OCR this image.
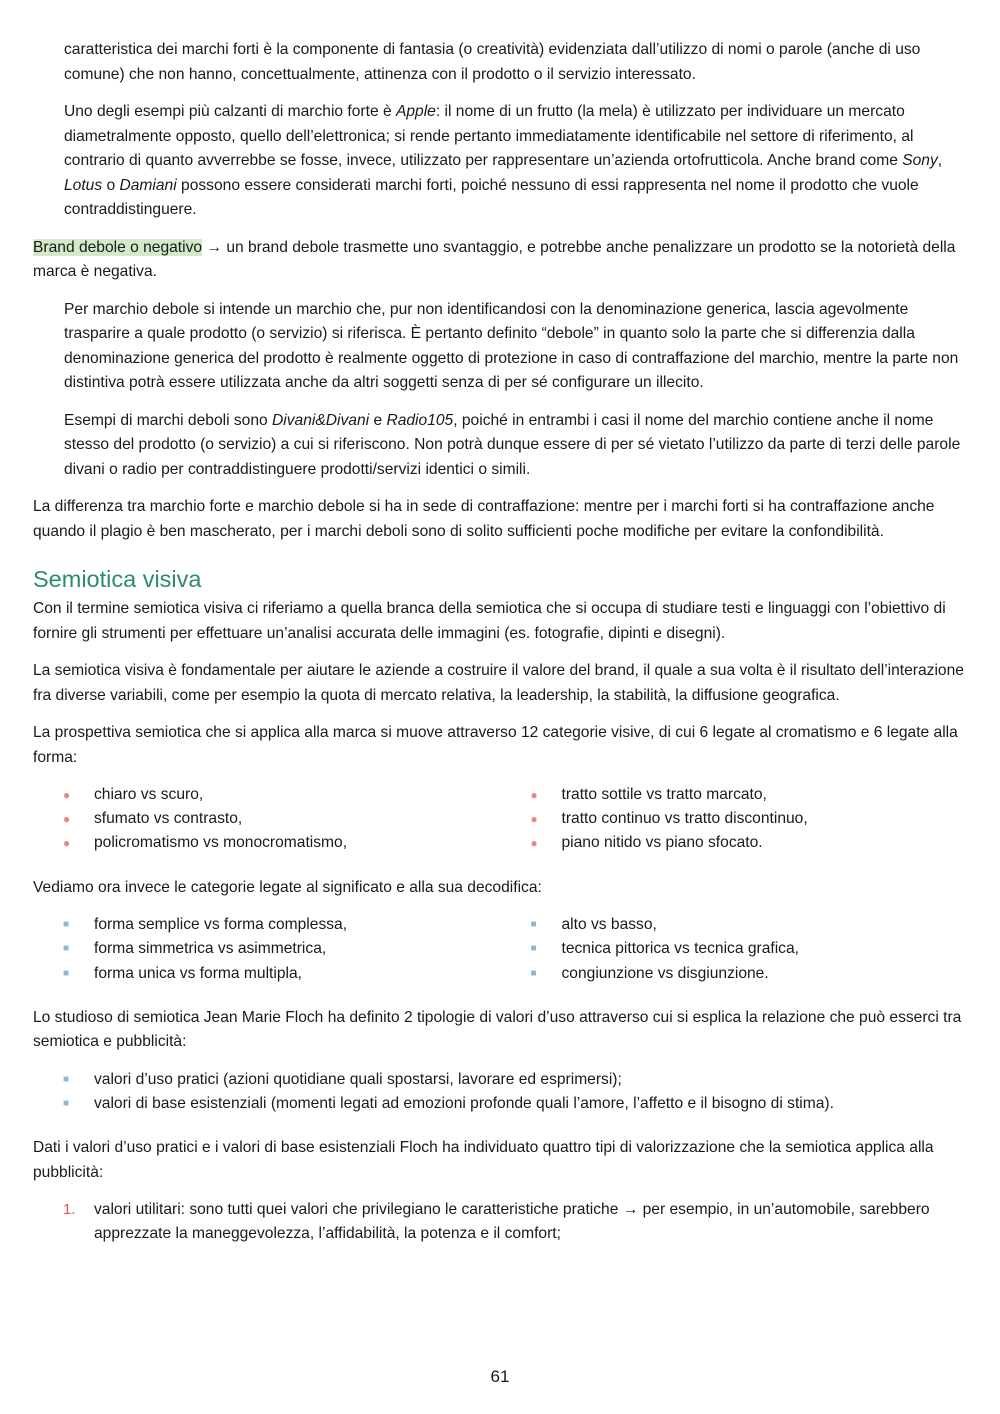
caratteristica dei marchi forti è la componente di fantasia (o creatività) evidenziata dall’utilizzo di nomi o parole (anche di uso comune) che non hanno, concettualmente, attinenza con il prodotto o il servizio interessato.

Uno degli esempi più calzanti di marchio forte è Apple: il nome di un frutto (la mela) è utilizzato per individuare un mercato diametralmente opposto, quello dell’elettronica; si rende pertanto immediatamente identificabile nel settore di riferimento, al contrario di quanto avverrebbe se fosse, invece, utilizzato per rappresentare un’azienda ortofrutticola. Anche brand come Sony, Lotus o Damiani possono essere considerati marchi forti, poiché nessuno di essi rappresenta nel nome il prodotto che vuole contraddistinguere.

Brand debole o negativo → un brand debole trasmette uno svantaggio, e potrebbe anche penalizzare un prodotto se la notorietà della marca è negativa.

Per marchio debole si intende un marchio che, pur non identificandosi con la denominazione generica, lascia agevolmente trasparire a quale prodotto (o servizio) si riferisca. È pertanto definito “debole” in quanto solo la parte che si differenzia dalla denominazione generica del prodotto è realmente oggetto di protezione in caso di contraffazione del marchio, mentre la parte non distintiva potrà essere utilizzata anche da altri soggetti senza di per sé configurare un illecito.

Esempi di marchi deboli sono Divani&Divani e Radio105, poiché in entrambi i casi il nome del marchio contiene anche il nome stesso del prodotto (o servizio) a cui si riferiscono. Non potrà dunque essere di per sé vietato l’utilizzo da parte di terzi delle parole divani o radio per contraddistinguere prodotti/servizi identici o simili.

La differenza tra marchio forte e marchio debole si ha in sede di contraffazione: mentre per i marchi forti si ha contraffazione anche quando il plagio è ben mascherato, per i marchi deboli sono di solito sufficienti poche modifiche per evitare la confondibilità.

Semiotica visiva

Con il termine semiotica visiva ci riferiamo a quella branca della semiotica che si occupa di studiare testi e linguaggi con l’obiettivo di fornire gli strumenti per effettuare un’analisi accurata delle immagini (es. fotografie, dipinti e disegni).

La semiotica visiva è fondamentale per aiutare le aziende a costruire il valore del brand, il quale a sua volta è il risultato dell’interazione fra diverse variabili, come per esempio la quota di mercato relativa, la leadership, la stabilità, la diffusione geografica.

La prospettiva semiotica che si applica alla marca si muove attraverso 12 categorie visive, di cui 6 legate al cromatismo e 6 legate alla forma:

● chiaro vs scuro,
● sfumato vs contrasto,
● policromatismo vs monocromatismo,
● tratto sottile vs tratto marcato,
● tratto continuo vs tratto discontinuo,
● piano nitido vs piano sfocato.

Vediamo ora invece le categorie legate al significato e alla sua decodifica:

■ forma semplice vs forma complessa,
■ forma simmetrica vs asimmetrica,
■ forma unica vs forma multipla,
■ alto vs basso,
■ tecnica pittorica vs tecnica grafica,
■ congiunzione vs disgiunzione.

Lo studioso di semiotica Jean Marie Floch ha definito 2 tipologie di valori d’uso attraverso cui si esplica la relazione che può esserci tra semiotica e pubblicità:

■ valori d’uso pratici (azioni quotidiane quali spostarsi, lavorare ed esprimersi);
■ valori di base esistenziali (momenti legati ad emozioni profonde quali l’amore, l’affetto e il bisogno di stima).

Dati i valori d’uso pratici e i valori di base esistenziali Floch ha individuato quattro tipi di valorizzazione che la semiotica applica alla pubblicità:

1. valori utilitari: sono tutti quei valori che privilegiano le caratteristiche pratiche → per esempio, in un’automobile, sarebbero apprezzate la maneggevolezza, l’affidabilità, la potenza e il comfort;
61
